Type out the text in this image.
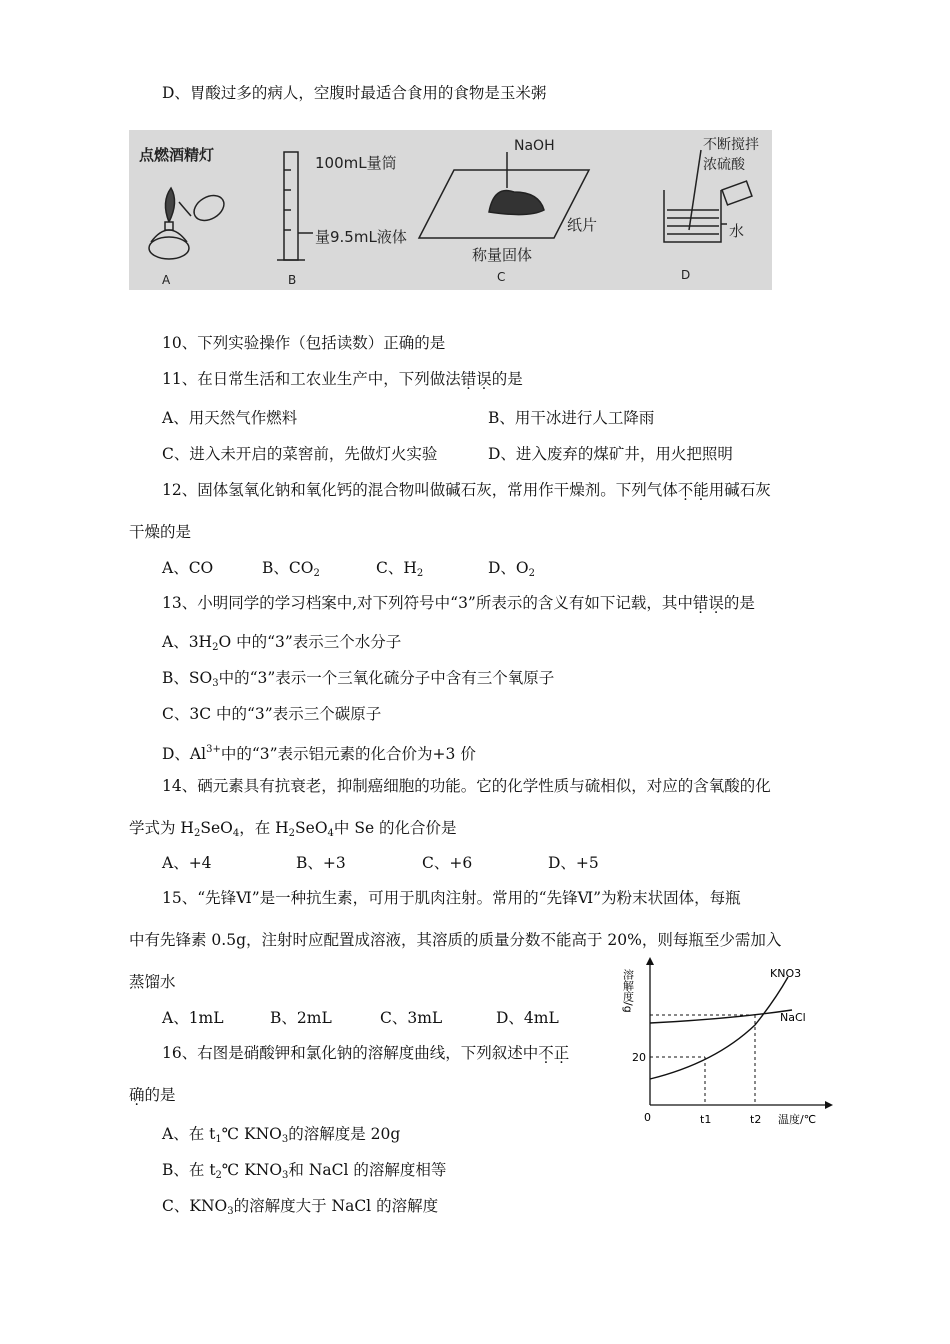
D、胃酸过多的病人，空腹时最适合食用的食物是玉米粥
点燃酒精灯
A
100mL量筒
量9.5mL液体
B
NaOH
纸片
称量固体
C
不断搅拌
浓硫酸
水
D
10、下列实验操作（包括读数）正确的是
11、在日常生活和工农业生产中，下列做法错误的是
A、用天然气作燃料	B、用干冰进行人工降雨
C、进入未开启的菜窖前，先做灯火实验	D、进入废弃的煤矿井，用火把照明
12、固体氢氧化钠和氧化钙的混合物叫做碱石灰，常用作干燥剂。下列气体不能用碱石灰
干燥的是
A、CO	B、$CO_2$	C、$H_2$	D、$O_2$
13、小明同学的学习档案中,对下列符号中“3”所表示的含义有如下记载，其中错误的是
A、$3H_2O$ 中的“3”表示三个水分子
B、$SO_3$中的“3”表示一个三氧化硫分子中含有三个氧原子
C、3C 中的“3”表示三个碳原子
D、$Al^{3+}$中的“3”表示铝元素的化合价为+3 价
14、硒元素具有抗衰老，抑制癌细胞的功能。它的化学性质与硫相似，对应的含氧酸的化
学式为 $H_2SeO_4$，在 $H_2SeO_4$中 Se 的化合价是
A、+4	B、+3	C、+6	D、+5
15、“先锋Ⅵ”是一种抗生素，可用于肌肉注射。常用的“先锋Ⅵ”为粉末状固体，每瓶
中有先锋素 0.5g，注射时应配置成溶液，其溶质的质量分数不能高于 20%，则每瓶至少需加入
蒸馏水
A、1mL	B、2mL	C、3mL	D、4mL
16、右图是硝酸钾和氯化钠的溶解度曲线，下列叙述中不正
确的是
A、在 $t_1℃$ $KNO_3$的溶解度是 20g
B、在 $t_2℃$ $KNO_3$和 NaCl 的溶解度相等
C、$KNO_3$的溶解度大于 NaCl 的溶解度
溶解度/g
20
0	t1	t2 温度/℃
KNO3
NaCl
